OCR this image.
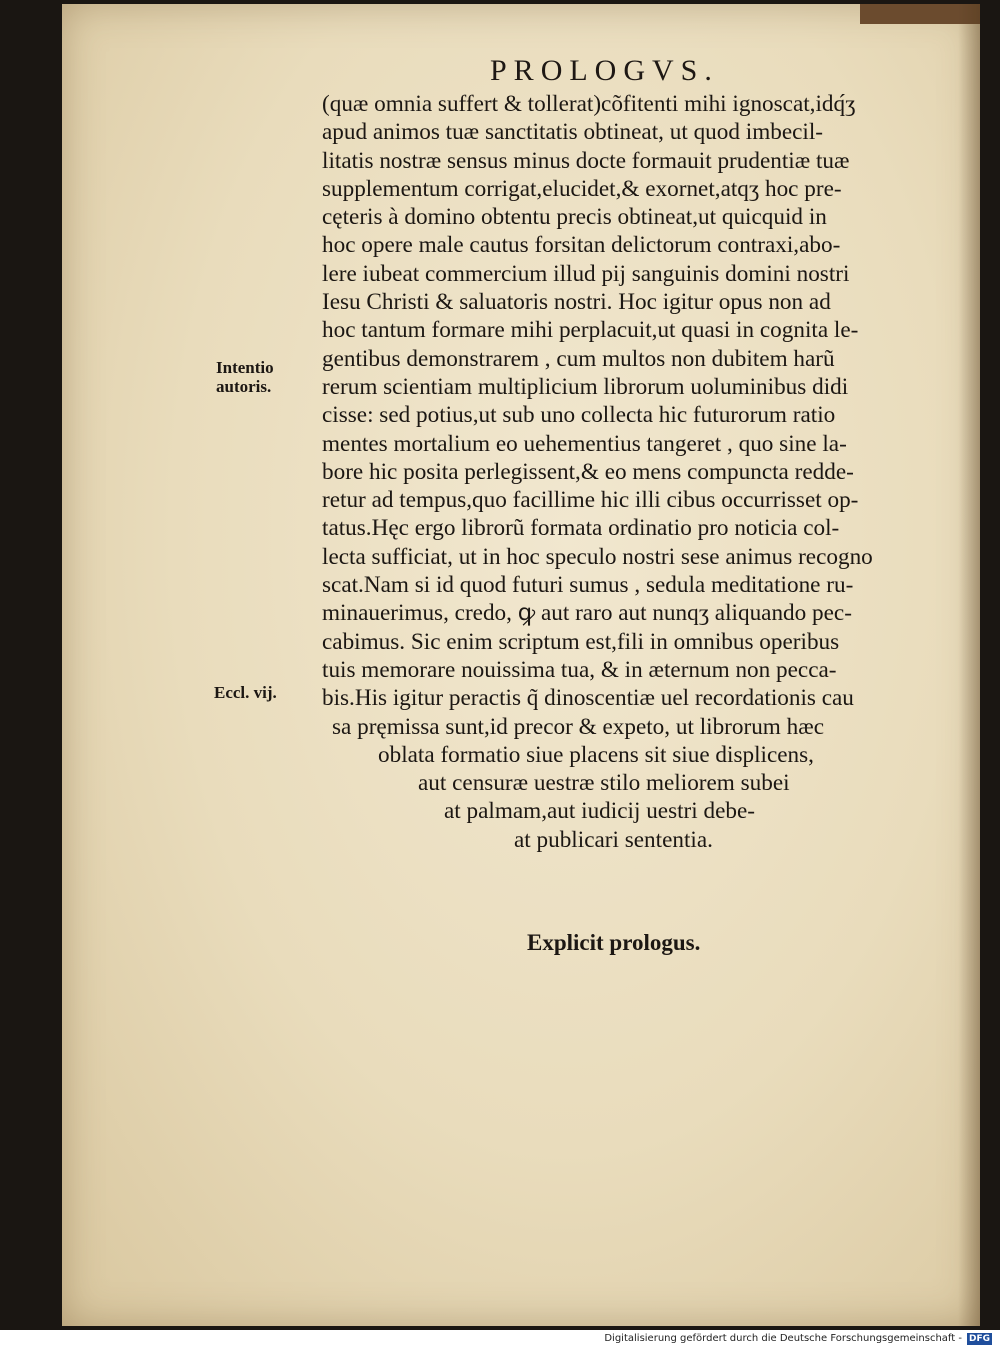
PROLOGVS.
Intentio
autoris.
Eccl. vij.

(quæ omnia suffert & tollerat)cõfitenti mihi ignoscat,idq́ʒ
apud animos tuæ sanctitatis obtineat, ut quod imbecil-
litatis nostræ sensus minus docte formauit prudentiæ tuæ
supplementum corrigat,elucidet,& exornet,atqʒ hoc pre-
cęteris à domino obtentu precis obtineat,ut quicquid in
hoc opere male cautus forsitan delictorum contraxi,abo-
lere iubeat commercium illud pij sanguinis domini nostri
Iesu Christi & saluatoris nostri. Hoc igitur opus non ad
hoc tantum formare mihi perplacuit,ut quasi in cognita le-
gentibus demonstrarem , cum multos non dubitem harũ
rerum scientiam multiplicium librorum uoluminibus didi
cisse: sed potius,ut sub uno collecta hic futurorum ratio
mentes mortalium eo uehementius tangeret , quo sine la-
bore hic posita perlegissent,& eo mens compuncta redde-
retur ad tempus,quo facillime hic illi cibus occurrisset op-
tatus.Hęc ergo librorũ formata ordinatio pro noticia col-
lecta sufficiat, ut in hoc speculo nostri sese animus recogno
scat.Nam si id quod futuri sumus , sedula meditatione ru-
minauerimus, credo, ꝙ aut raro aut nunqʒ aliquando pec-
cabimus. Sic enim scriptum est,fili in omnibus operibus
tuis memorare nouissima tua, & in æternum non pecca-
bis.His igitur peractis q̃ dinoscentiæ uel recordationis cau
sa pręmissa sunt,id precor & expeto, ut librorum hæc
oblata formatio siue placens sit siue displicens,
aut censuræ uestræ stilo meliorem subei
at palmam,aut iudicij uestri debe-
at publicari sententia.

Explicit prologus.

Digitalisierung gefördert durch die Deutsche Forschungsgemeinschaft - DFG
